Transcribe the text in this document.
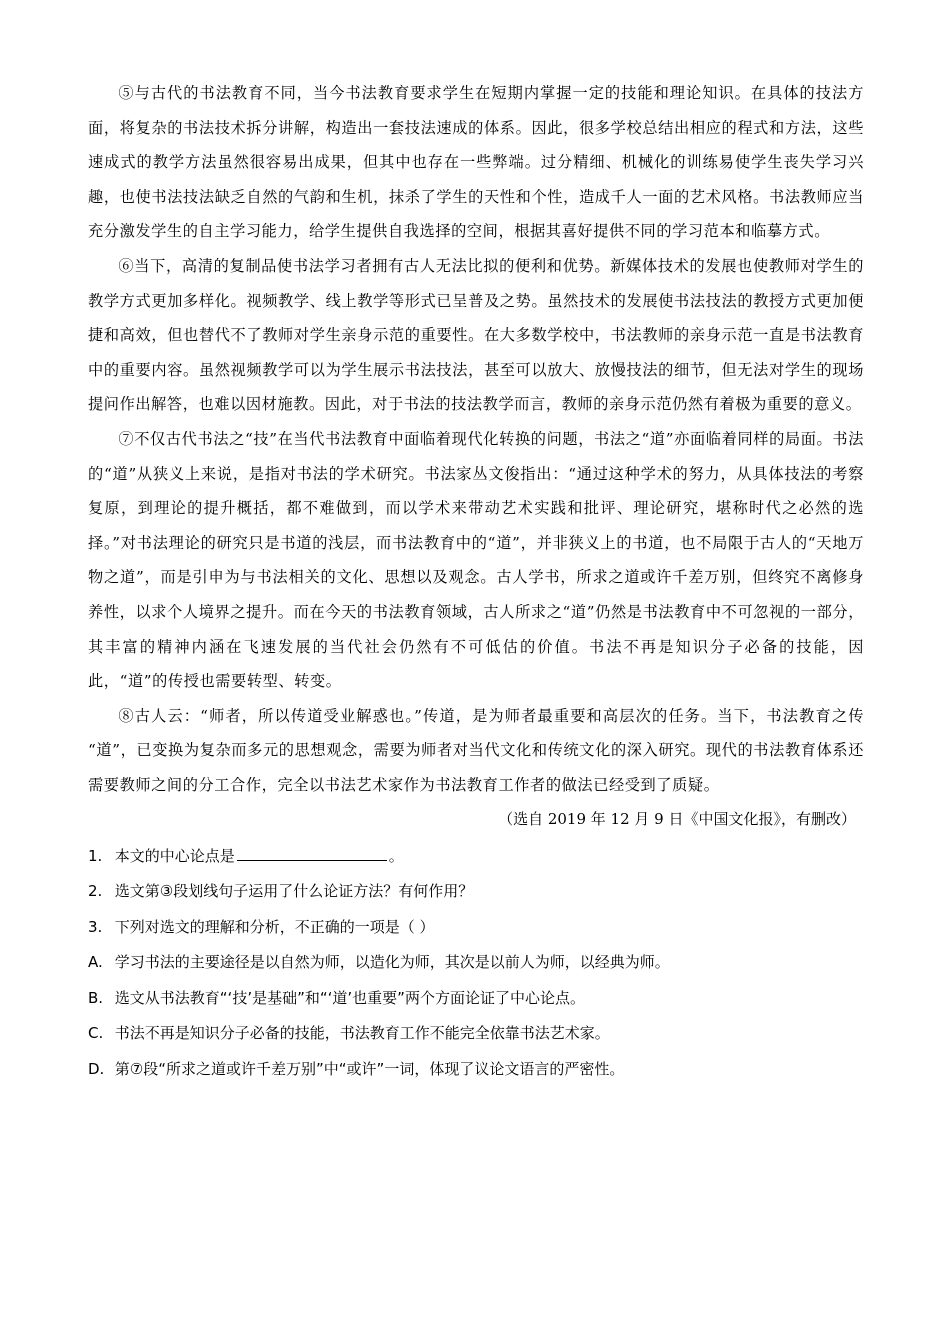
⑤与古代的书法教育不同，当今书法教育要求学生在短期内掌握一定的技能和理论知识。在具体的技法方面，将复杂的书法技术拆分讲解，构造出一套技法速成的体系。因此，很多学校总结出相应的程式和方法，这些速成式的教学方法虽然很容易出成果，但其中也存在一些弊端。过分精细、机械化的训练易使学生丧失学习兴趣，也使书法技法缺乏自然的气韵和生机，抹杀了学生的天性和个性，造成千人一面的艺术风格。书法教师应当充分激发学生的自主学习能力，给学生提供自我选择的空间，根据其喜好提供不同的学习范本和临摹方式。

⑥当下，高清的复制品使书法学习者拥有古人无法比拟的便利和优势。新媒体技术的发展也使教师对学生的教学方式更加多样化。视频教学、线上教学等形式已呈普及之势。虽然技术的发展使书法技法的教授方式更加便捷和高效，但也替代不了教师对学生亲身示范的重要性。在大多数学校中，书法教师的亲身示范一直是书法教育中的重要内容。虽然视频教学可以为学生展示书法技法，甚至可以放大、放慢技法的细节，但无法对学生的现场提问作出解答，也难以因材施教。因此，对于书法的技法教学而言，教师的亲身示范仍然有着极为重要的意义。

⑦不仅古代书法之“技”在当代书法教育中面临着现代化转换的问题，书法之“道”亦面临着同样的局面。书法的“道”从狭义上来说，是指对书法的学术研究。书法家丛文俊指出：“通过这种学术的努力，从具体技法的考察复原，到理论的提升概括，都不难做到，而以学术来带动艺术实践和批评、理论研究，堪称时代之必然的选择。”对书法理论的研究只是书道的浅层，而书法教育中的“道”，并非狭义上的书道，也不局限于古人的“天地万物之道”，而是引申为与书法相关的文化、思想以及观念。古人学书，所求之道或许千差万别，但终究不离修身养性，以求个人境界之提升。而在今天的书法教育领域，古人所求之“道”仍然是书法教育中不可忽视的一部分，其丰富的精神内涵在飞速发展的当代社会仍然有不可低估的价值。书法不再是知识分子必备的技能，因此，“道”的传授也需要转型、转变。

⑧古人云：“师者，所以传道受业解惑也。”传道，是为师者最重要和高层次的任务。当下，书法教育之传 “道”，已变换为复杂而多元的思想观念，需要为师者对当代文化和传统文化的深入研究。现代的书法教育体系还需要教师之间的分工合作，完全以书法艺术家作为书法教育工作者的做法已经受到了质疑。

（选自 2019 年 12 月 9 日《中国文化报》，有删改）

1. 本文的中心论点是	。

2. 选文第③段划线句子运用了什么论证方法？有何作用？

3. 下列对选文的理解和分析，不正确的一项是（ ）

A. 学习书法的主要途径是以自然为师，以造化为师，其次是以前人为师，以经典为师。

B. 选文从书法教育“‘技’是基础”和“‘道’也重要”两个方面论证了中心论点。

C. 书法不再是知识分子必备的技能，书法教育工作不能完全依靠书法艺术家。

D. 第⑦段“所求之道或许千差万别”中“或许”一词，体现了议论文语言的严密性。
